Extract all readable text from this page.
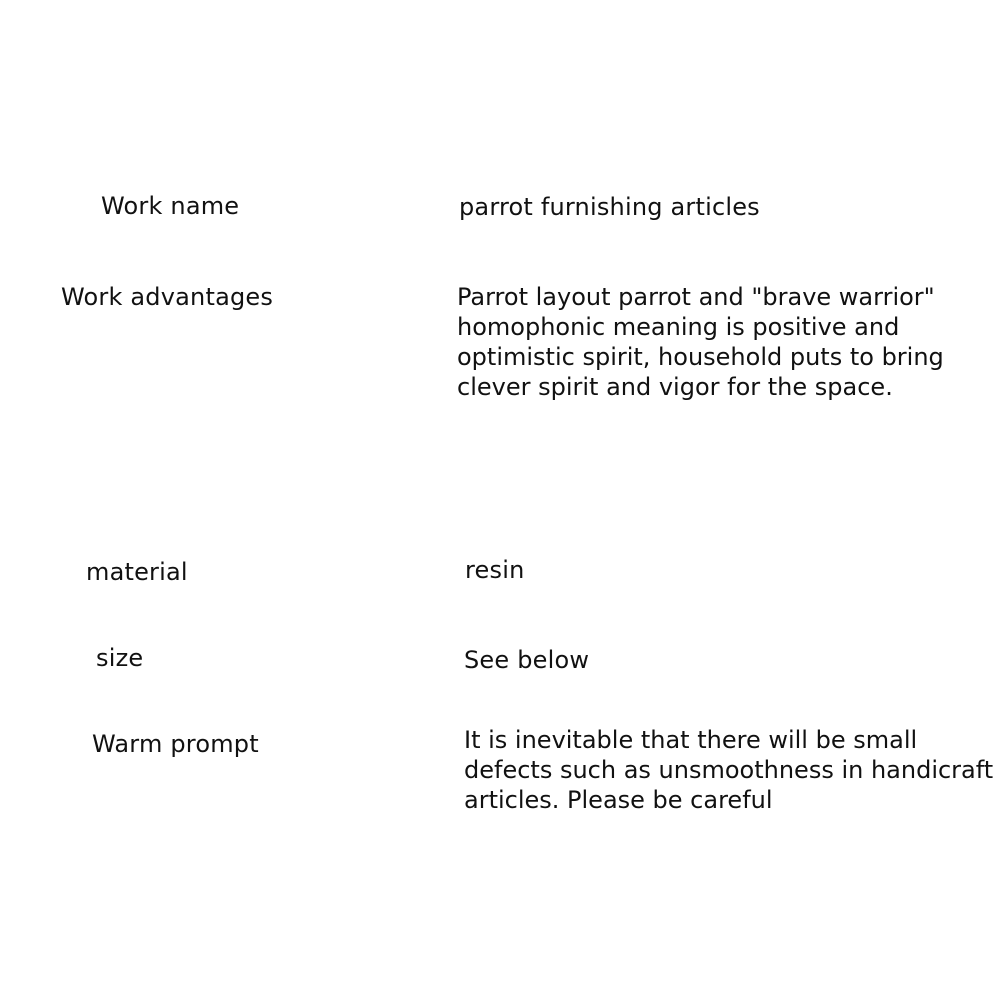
Work name	parrot furnishing articles
Work advantages	Parrot layout parrot and "brave warrior"
homophonic meaning is positive and
optimistic spirit, household puts to bring
clever spirit and vigor for the space.
material	resin
size	See below
Warm prompt	It is inevitable that there will be small
defects such as unsmoothness in handicraft
articles. Please be careful
